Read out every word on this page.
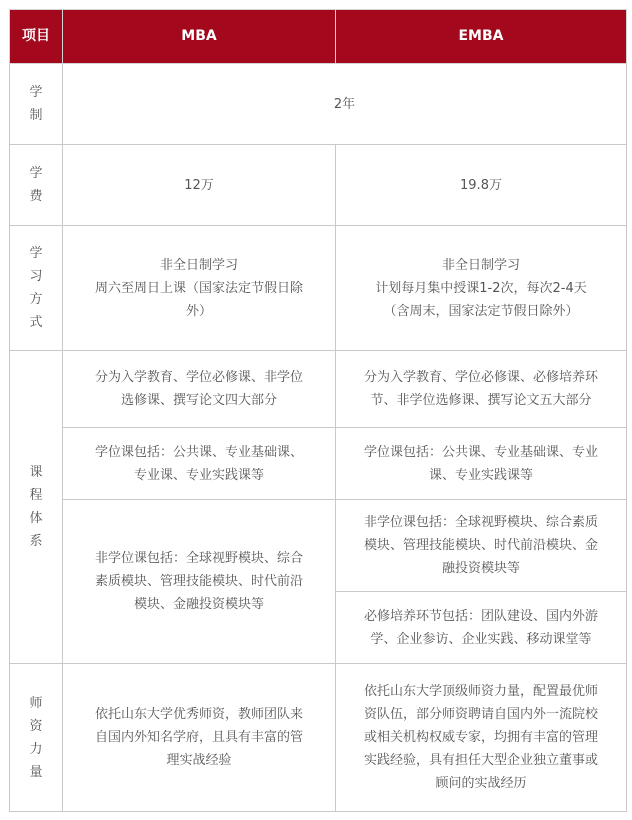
项目	MBA	EMBA

学
制	2年	

学
费	12万	19.8万

学
习
方
式	非全日制学习
周六至周日上课（国家法定节假日除
外）	非全日制学习
计划每月集中授课1-2次，每次2-4天
（含周末，国家法定节假日除外）

课
程
体
系	分为入学教育、学位必修课、非学位
选修课、撰写论文四大部分	分为入学教育、学位必修课、必修培养环
节、非学位选修课、撰写论文五大部分

	学位课包括：公共课、专业基础课、
专业课、专业实践课等	学位课包括：公共课、专业基础课、专业
课、专业实践课等

	非学位课包括：全球视野模块、综合
素质模块、管理技能模块、时代前沿
模块、金融投资模块等	非学位课包括：全球视野模块、综合素质
模块、管理技能模块、时代前沿模块、金
融投资模块等

		必修培养环节包括：团队建设、国内外游
学、企业参访、企业实践、移动课堂等

师
资
力
量	依托山东大学优秀师资，教师团队来
自国内外知名学府，且具有丰富的管
理实战经验	依托山东大学顶级师资力量，配置最优师
资队伍，部分师资聘请自国内外一流院校
或相关机构权威专家，均拥有丰富的管理
实践经验，具有担任大型企业独立董事或
顾问的实战经历
